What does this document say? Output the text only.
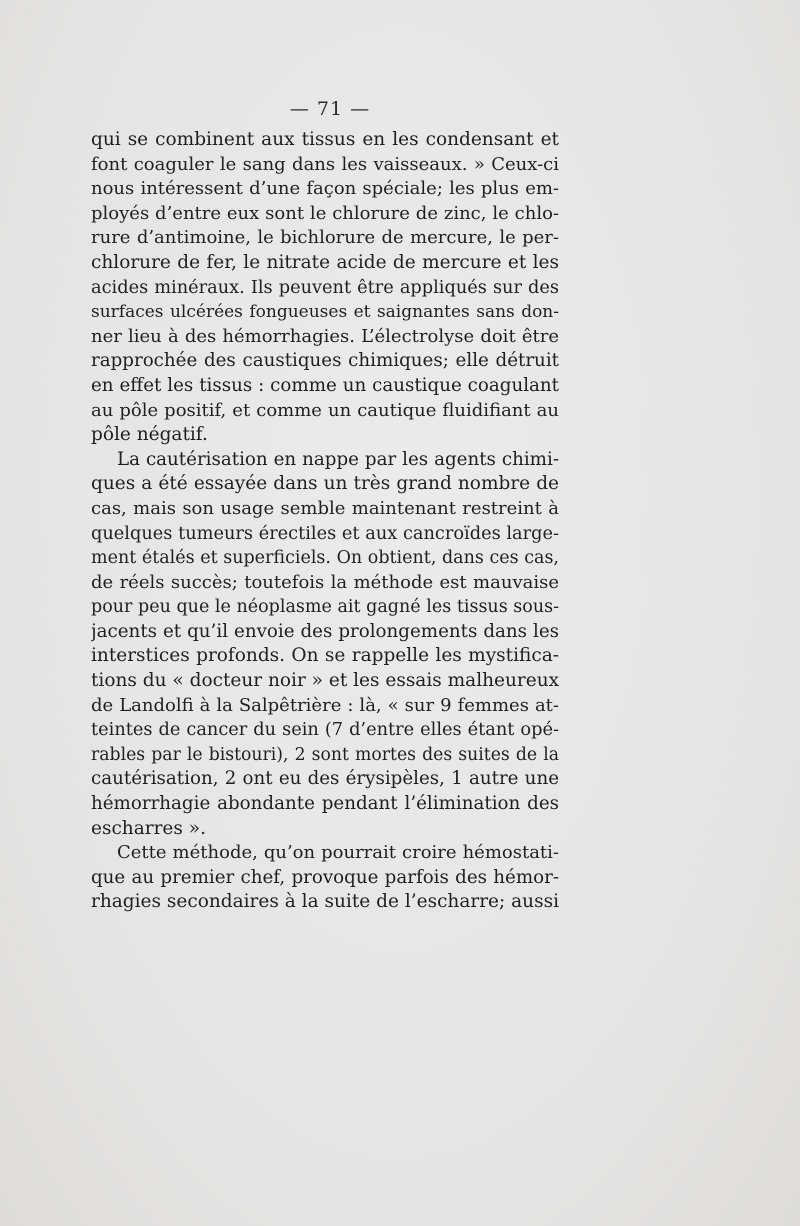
— 71 —
qui se combinent aux tissus en les condensant et
font coaguler le sang dans les vaisseaux. » Ceux-ci
nous intéressent d’une façon spéciale; les plus em-
ployés d’entre eux sont le chlorure de zinc, le chlo-
rure d’antimoine, le bichlorure de mercure, le per-
chlorure de fer, le nitrate acide de mercure et les
acides minéraux. Ils peuvent être appliqués sur des
surfaces ulcérées fongueuses et saignantes sans don-
ner lieu à des hémorrhagies. L’électrolyse doit être
rapprochée des caustiques chimiques; elle détruit
en effet les tissus : comme un caustique coagulant
au pôle positif, et comme un cautique fluidifiant au
pôle négatif.
La cautérisation en nappe par les agents chimi-
ques a été essayée dans un très grand nombre de
cas, mais son usage semble maintenant restreint à
quelques tumeurs érectiles et aux cancroïdes large-
ment étalés et superficiels. On obtient, dans ces cas,
de réels succès; toutefois la méthode est mauvaise
pour peu que le néoplasme ait gagné les tissus sous-
jacents et qu’il envoie des prolongements dans les
interstices profonds. On se rappelle les mystifica-
tions du « docteur noir » et les essais malheureux
de Landolfi à la Salpêtrière : là, « sur 9 femmes at-
teintes de cancer du sein (7 d’entre elles étant opé-
rables par le bistouri), 2 sont mortes des suites de la
cautérisation, 2 ont eu des érysipèles, 1 autre une
hémorrhagie abondante pendant l’élimination des
escharres ».
Cette méthode, qu’on pourrait croire hémostati-
que au premier chef, provoque parfois des hémor-
rhagies secondaires à la suite de l’escharre; aussi
